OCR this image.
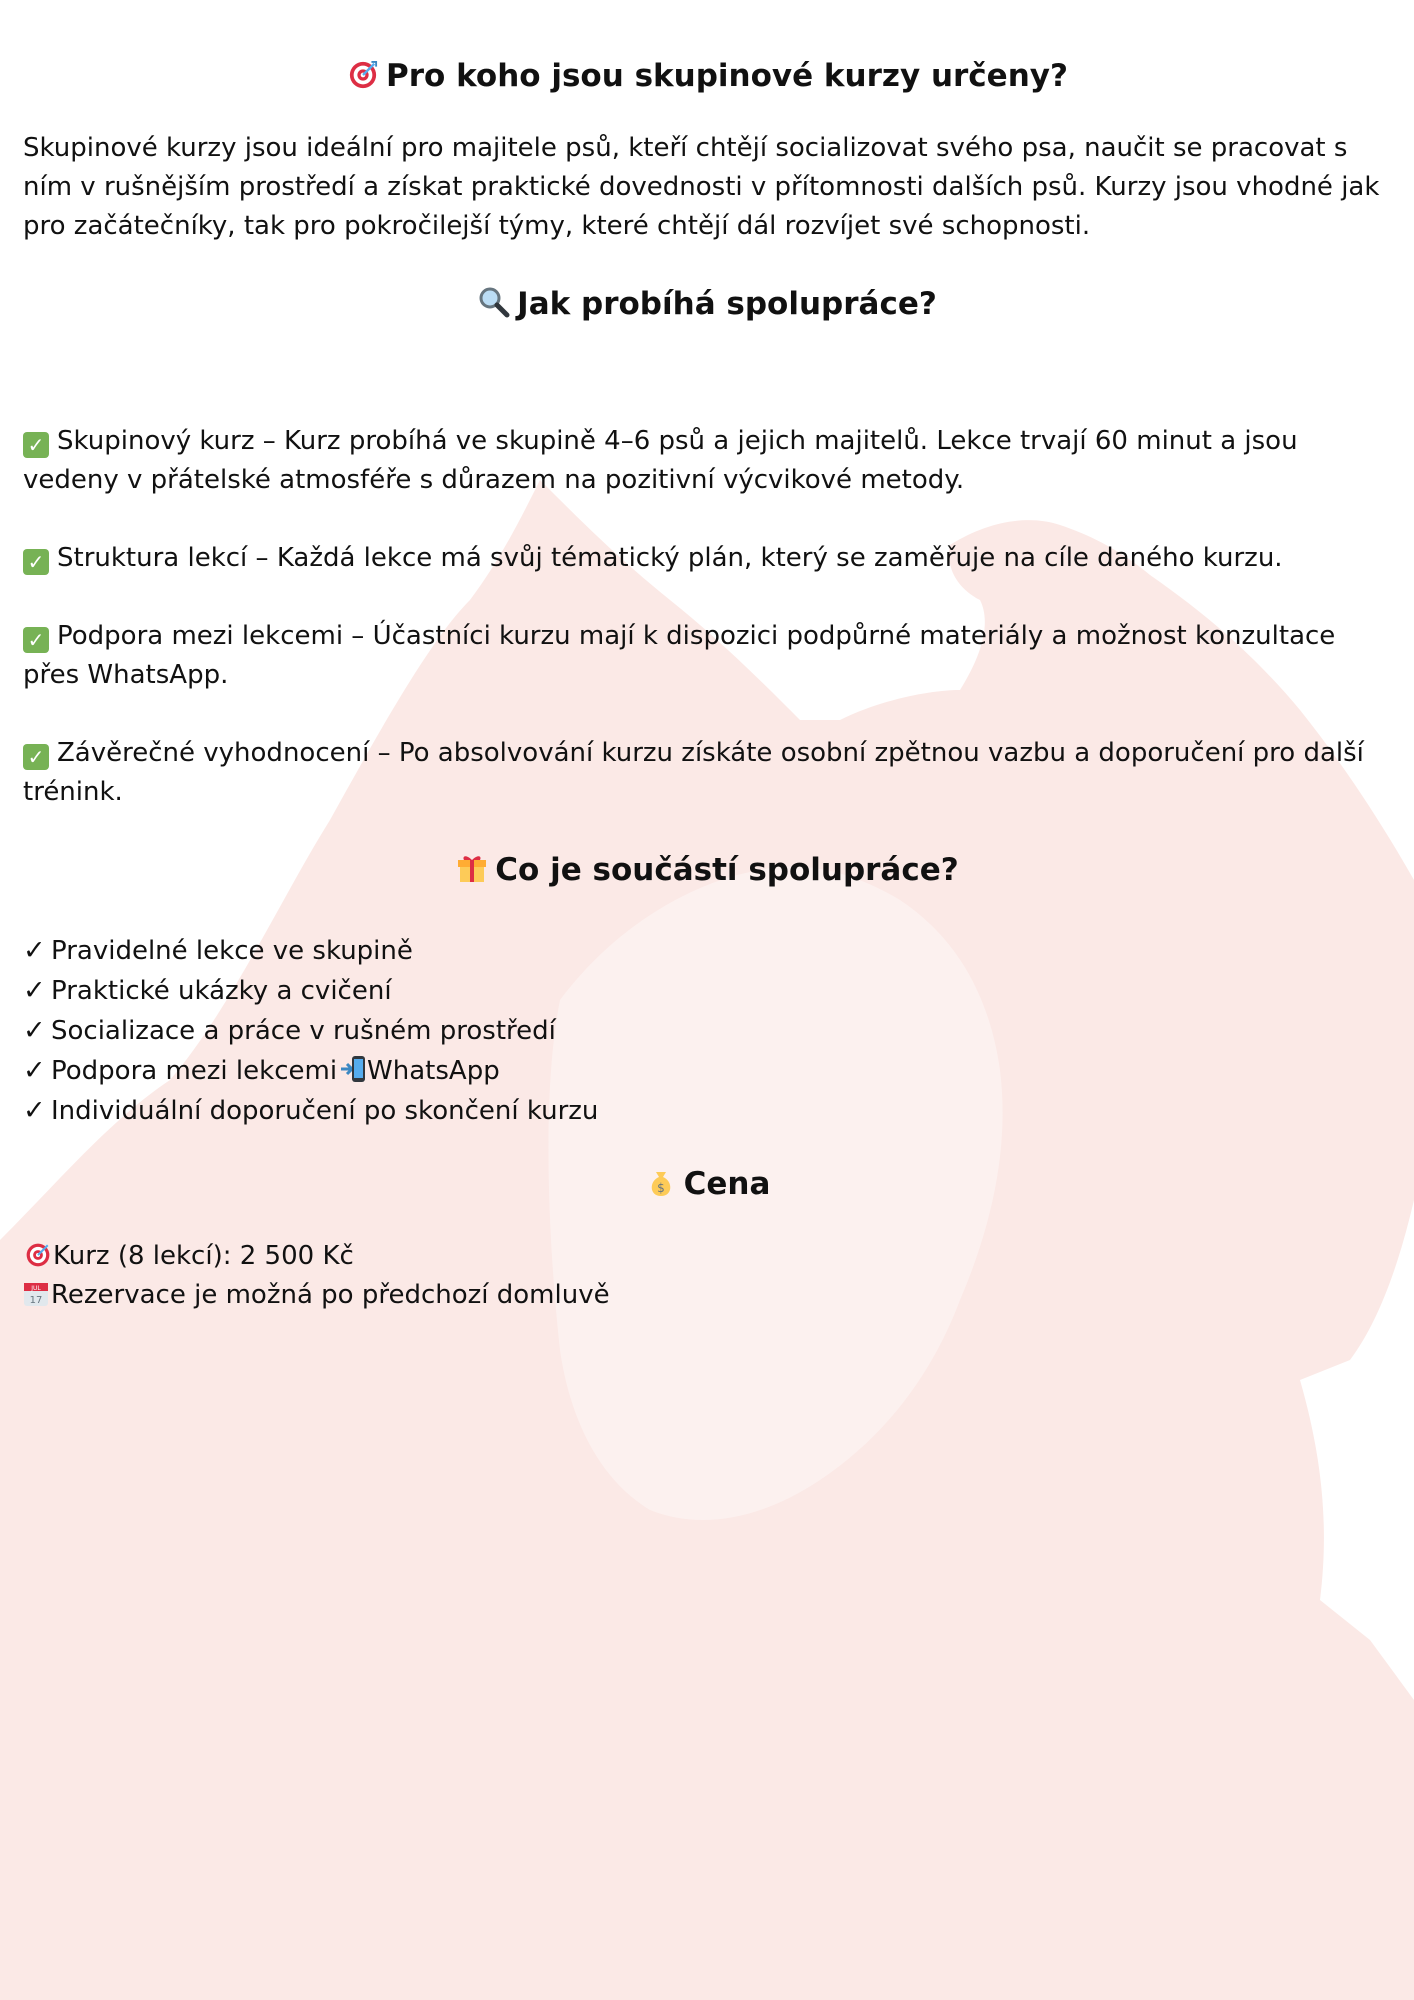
Pro koho jsou skupinové kurzy určeny?

Skupinové kurzy jsou ideální pro majitele psů, kteří chtějí socializovat svého psa, naučit se pracovat s ním v rušnějším prostředí a získat praktické dovednosti v přítomnosti dalších psů. Kurzy jsou vhodné jak pro začátečníky, tak pro pokročilejší týmy, které chtějí dál rozvíjet své schopnosti.

Jak probíhá spolupráce?

✓ Skupinový kurz – Kurz probíhá ve skupině 4–6 psů a jejich majitelů. Lekce trvají 60 minut a jsou vedeny v přátelské atmosféře s důrazem na pozitivní výcvikové metody.

✓ Struktura lekcí – Každá lekce má svůj tématický plán, který se zaměřuje na cíle daného kurzu.

✓ Podpora mezi lekcemi – Účastníci kurzu mají k dispozici podpůrné materiály a možnost konzultace přes WhatsApp.

✓ Závěrečné vyhodnocení – Po absolvování kurzu získáte osobní zpětnou vazbu a doporučení pro další trénink.

Co je součástí spolupráce?
✓ Pravidelné lekce ve skupině
✓ Praktické ukázky a cvičení
✓ Socializace a práce v rušném prostředí
✓ Podpora mezi lekcemi WhatsApp
✓ Individuální doporučení po skončení kurzu
$ Cena

Kurz (8 lekcí): 2 500 Kč

JUL
17 Rezervace je možná po předchozí domluvě
